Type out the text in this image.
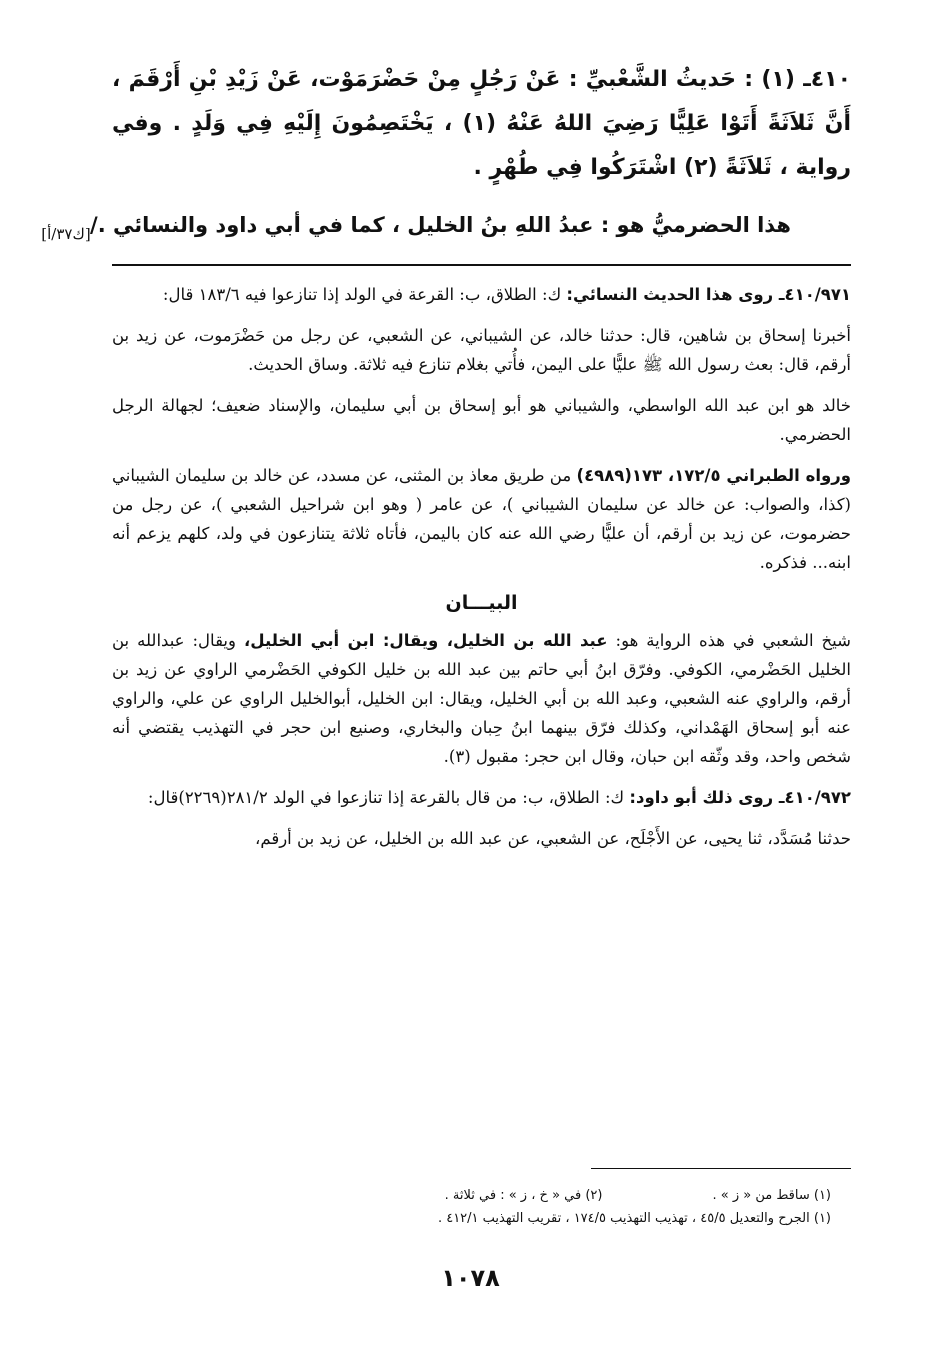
٤١٠ـ (١) : حَديثُ الشَّعْبيِّ : عَنْ رَجُلٍ مِنْ حَضْرَمَوْت، عَنْ زَيْدِ بْنِ أَرْقَمَ ، أَنَّ ثَلاَثَةً أَتَوْا عَلِيًّا رَضِيَ اللهُ عَنْهُ (١) ، يَخْتَصِمُونَ إِلَيْهِ فِي وَلَدٍ . وفي رواية ، ثَلاَثَةً (٢) اشْتَرَكُوا فِي طُهْرٍ .

هذا الحضرميُّ هو : عبدُ اللهِ بنُ الخليل ، كما في أبي داود والنسائي ./
[ك٣٧/أ]

٤١٠/٩٧١ـ روى هذا الحديث النسائي: ك: الطلاق، ب: القرعة في الولد إذا تنازعوا فيه ١٨٣/٦ قال:

أخبرنا إسحاق بن شاهين، قال: حدثنا خالد، عن الشيباني، عن الشعبي، عن رجل من حَضْرَموت، عن زيد بن أرقم، قال: بعث رسول الله ﷺ عليًّا على اليمن، فأُتي بغلام تنازع فيه ثلاثة. وساق الحديث.

خالد هو ابن عبد الله الواسطي، والشيباني هو أبو إسحاق بن أبي سليمان، والإسناد ضعيف؛ لجهالة الرجل الحضرمي.

ورواه الطبراني ١٧٢/٥، ١٧٣(٤٩٨٩) من طريق معاذ بن المثنى، عن مسدد، عن خالد بن سليمان الشيباني (كذا، والصواب: عن خالد عن سليمان الشيباني )، عن عامر ( وهو ابن شراحيل الشعبي )، عن رجل من حضرموت، عن زيد بن أرقم، أن عليًّا رضي الله عنه كان باليمن، فأتاه ثلاثة يتنازعون في ولد، كلهم يزعم أنه ابنه... فذكره.

البيـــان

شيخ الشعبي في هذه الرواية هو: عبد الله بن الخليل، ويقال: ابن أبي الخليل، ويقال: عبدالله بن الخليل الحَضْرمي، الكوفي. وفرّق ابنُ أبي حاتم بين عبد الله بن خليل الكوفي الحَضْرمي الراوي عن زيد بن أرقم، والراوي عنه الشعبي، وعبد الله بن أبي الخليل، ويقال: ابن الخليل، أبوالخليل الراوي عن علي، والراوي عنه أبو إسحاق الهَمْداني، وكذلك فرّق بينهما ابنُ حِبان والبخاري، وصنيع ابن حجر في التهذيب يقتضي أنه شخص واحد، وقد وثّقه ابن حبان، وقال ابن حجر: مقبول (٣).

٤١٠/٩٧٢ـ روى ذلك أبو داود: ك: الطلاق، ب: من قال بالقرعة إذا تنازعوا في الولد ٢٨١/٢(٢٢٦٩)قال:

حدثنا مُسَدَّد، ثنا يحيى، عن الأَجْلَح، عن الشعبي، عن عبد الله بن الخليل، عن زيد بن أرقم،

(١) ساقط من « ز » .
(٢) في « خ ، ز » : في ثلاثة .
(١) الجرح والتعديل ٤٥/٥ ، تهذيب التهذيب ١٧٤/٥ ، تقريب التهذيب ٤١٢/١ .
١٠٧٨
